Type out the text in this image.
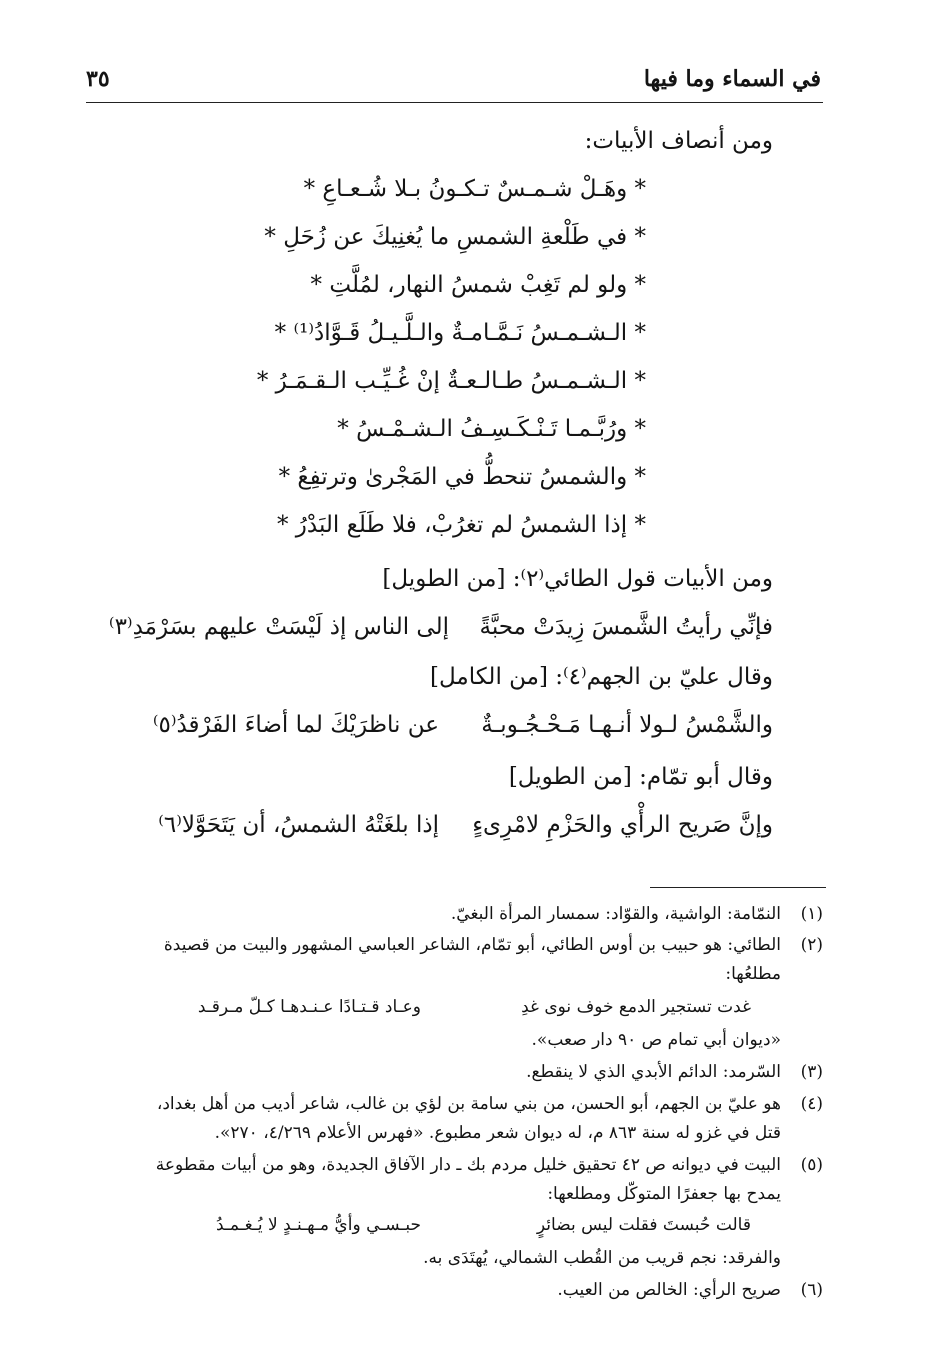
في السماء وما فيها
٣٥
ومن أنصاف الأبيات:
* وهَـلْ شـمـسٌ تـكـونُ بـلا شُـعـاعِ *
* في طَلْعةِ الشمسِ ما يُغنِيكَ عن زُحَلِ *
* ولو لم تَغِبْ شمسُ النهار، لمُلَّتِ *
* الـشـمـسُ نَـمَّـامـةٌ والـلَّـيـلُ قَـوَّادُ⁽¹⁾ *
* الـشـمـسُ طـالـعـةٌ إنْ غُـيِّـب الـقـمَـرُ *
* ورُبَّـمـا تَـنْـكَـسِـفُ الـشـمْـسُ *
* والشمسُ تنحطُّ في المَجْرىٰ وترتفِعُ *
* إذا الشمسُ لم تغرُبْ، فلا طَلَع البَدْرُ *
ومن الأبيات قول الطائي⁽٢⁾: [من الطويل]
فإنِّي رأيتُ الشَّمسَ زِيدَتْ محبَّةً
إلى الناس إذ لَيْسَتْ عليهم بسَرْمَدِ⁽٣⁾
وقال عليّ بن الجهم⁽٤⁾: [من الكامل]
والشَّمْسُ لـولا أنـهـا مَـحْـجُـوبـةٌ
عن ناظرَيْكَ لما أضاءَ الفَرْقدُ⁽٥⁾
وقال أبو تمّام: [من الطويل]
وإنَّ صَريح الرأْي والحَزْمِ لامْرِىءٍ
إذا بلغَتْهُ الشمسُ، أن يَتَحَوَّلا⁽٦⁾
(١)
النمّامة: الواشية، والقوّاد: سمسار المرأة البغيّ.
(٢)
الطائي: هو حبيب بن أوس الطائي، أبو تمّام، الشاعر العباسي المشهور والبيت من قصيدة
مطلعُها:
غدت تستجير الدمع خوف نوى غدِ
وعـاد قـتـادًا عـنـدهـا كـلّ مـرقـد
«ديوان أبي تمام ص ٩٠ دار صعب».
(٣)
السّرمد: الدائم الأبدي الذي لا ينقطع.
(٤)
هو عليّ بن الجهم، أبو الحسن، من بني سامة بن لؤي بن غالب، شاعر أديب من أهل بغداد،
قتل في غزو له سنة ٨٦٣ م، له ديوان شعر مطبوع. «فهرس الأعلام ٤/٢٦٩، ٢٧٠».
(٥)
البيت في ديوانه ص ٤٢ تحقيق خليل مردم بك ـ دار الآفاق الجديدة، وهو من أبيات مقطوعة
يمدح بها جعفرًا المتوكّل ومطلعها:
قالت حُبستَ فقلت ليس بضائرٍ
حبـسـي وأيُّ مـهـنـدٍ لا يُـغـمـدُ
والفرقد: نجم قريب من القُطب الشمالي، يُهتَدَى به.
(٦)
صريح الرأي: الخالص من العيب.
